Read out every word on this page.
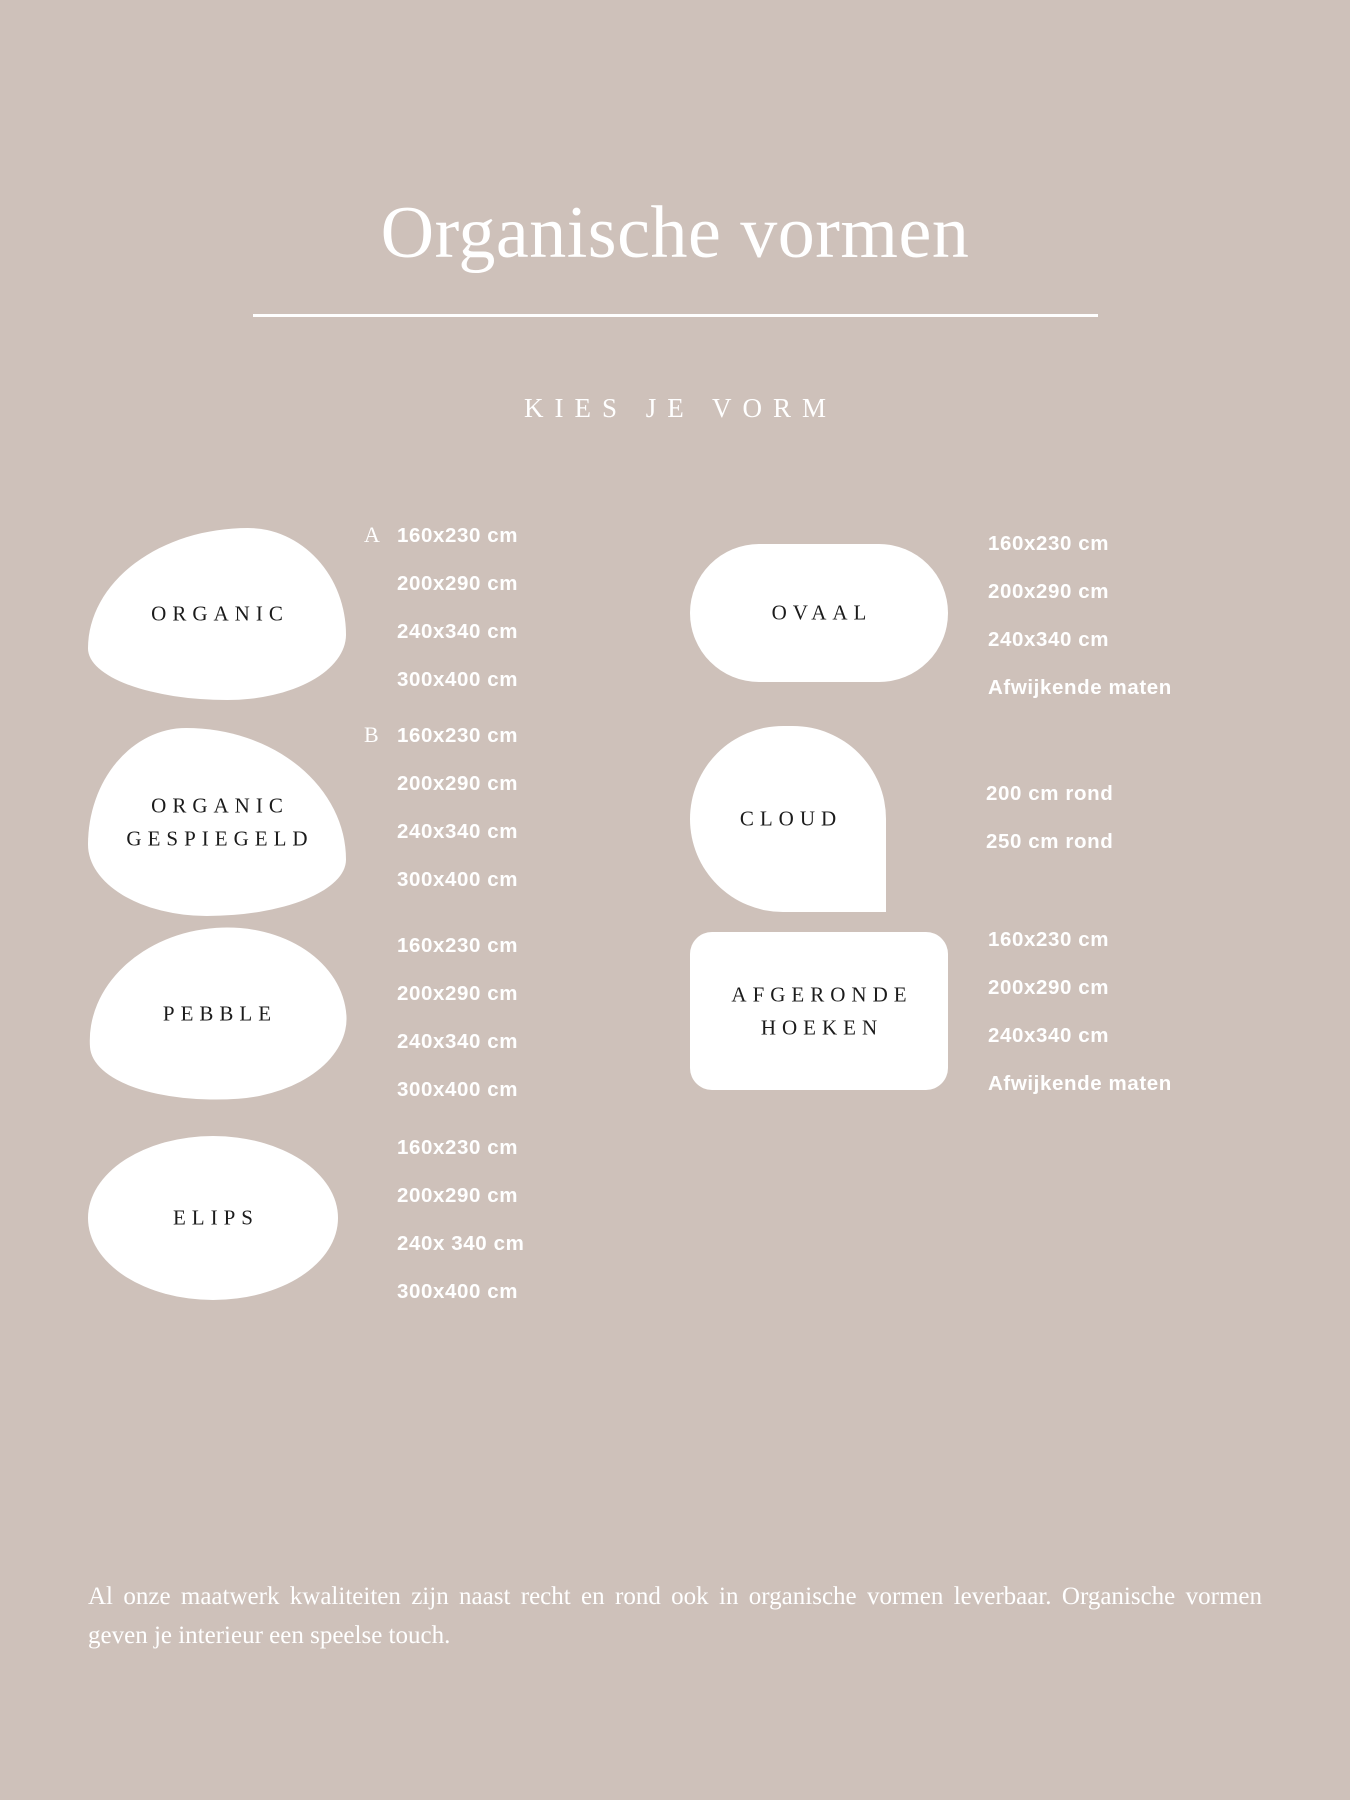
Organische vormen
KIES JE VORM
ORGANIC
A 160x230 cm
200x290 cm
240x340 cm
300x400 cm
ORGANIC
GESPIEGELD
B 160x230 cm
200x290 cm
240x340 cm
300x400 cm
PEBBLE
160x230 cm
200x290 cm
240x340 cm
300x400 cm
ELIPS
160x230 cm
200x290 cm
240x 340 cm
300x400 cm
OVAAL
160x230 cm
200x290 cm
240x340 cm
Afwijkende maten
CLOUD
200 cm rond
250 cm rond
AFGERONDE
HOEKEN
160x230 cm
200x290 cm
240x340 cm
Afwijkende maten
Al onze maatwerk kwaliteiten zijn naast recht en rond ook in organische vormen leverbaar. Organische vormen geven je interieur een speelse touch.
